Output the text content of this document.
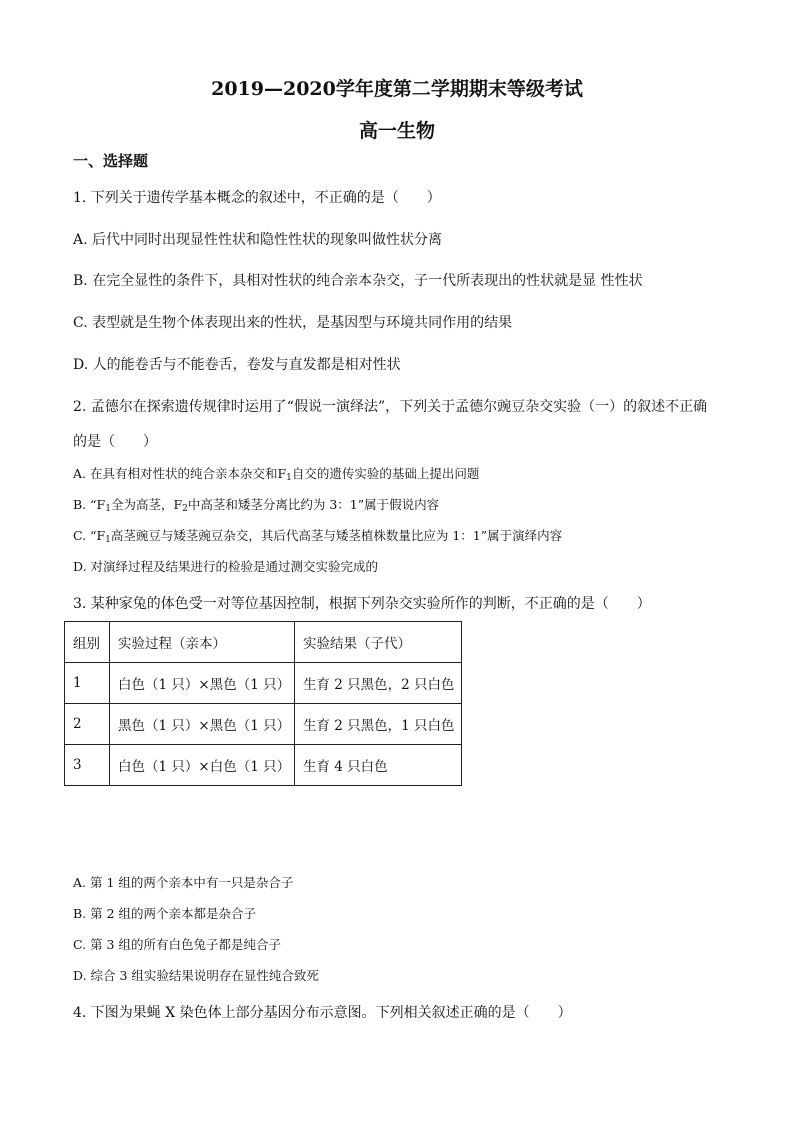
2019—2020学年度第二学期期末等级考试
高一生物
一、选择题
1. 下列关于遗传学基本概念的叙述中，不正确的是（　　）
A. 后代中同时出现显性性状和隐性性状的现象叫做性状分离
B. 在完全显性的条件下，具相对性状的纯合亲本杂交，子一代所表现出的性状就是显 性性状
C. 表型就是生物个体表现出来的性状，是基因型与环境共同作用的结果
D. 人的能卷舌与不能卷舌，卷发与直发都是相对性状
2. 孟德尔在探索遗传规律时运用了“假说一演绎法”，下列关于孟德尔豌豆杂交实验（一）的叙述不正确
的是（　　）
A. 在具有相对性状的纯合亲本杂交和$F_1$自交的遗传实验的基础上提出问题
B. “$F_1$全为高茎，$F_2$中高茎和矮茎分离比约为 3：1”属于假说内容
C. “$F_1$高茎豌豆与矮茎豌豆杂交，其后代高茎与矮茎植株数量比应为 1：1”属于演绎内容
D. 对演绎过程及结果进行的检验是通过测交实验完成的
3. 某种家兔的体色受一对等位基因控制，根据下列杂交实验所作的判断，不正确的是（　　）
组别	实验过程（亲本）	实验结果（子代）
1	白色（1 只）×黑色（1 只）	生育 2 只黑色，2 只白色
2	黑色（1 只）×黑色（1 只）	生育 2 只黑色，1 只白色
3	白色（1 只）×白色（1 只）	生育 4 只白色
A. 第 1 组的两个亲本中有一只是杂合子
B. 第 2 组的两个亲本都是杂合子
C. 第 3 组的所有白色兔子都是纯合子
D. 综合 3 组实验结果说明存在显性纯合致死
4. 下图为果蝇 X 染色体上部分基因分布示意图。下列相关叙述正确的是（　　）
